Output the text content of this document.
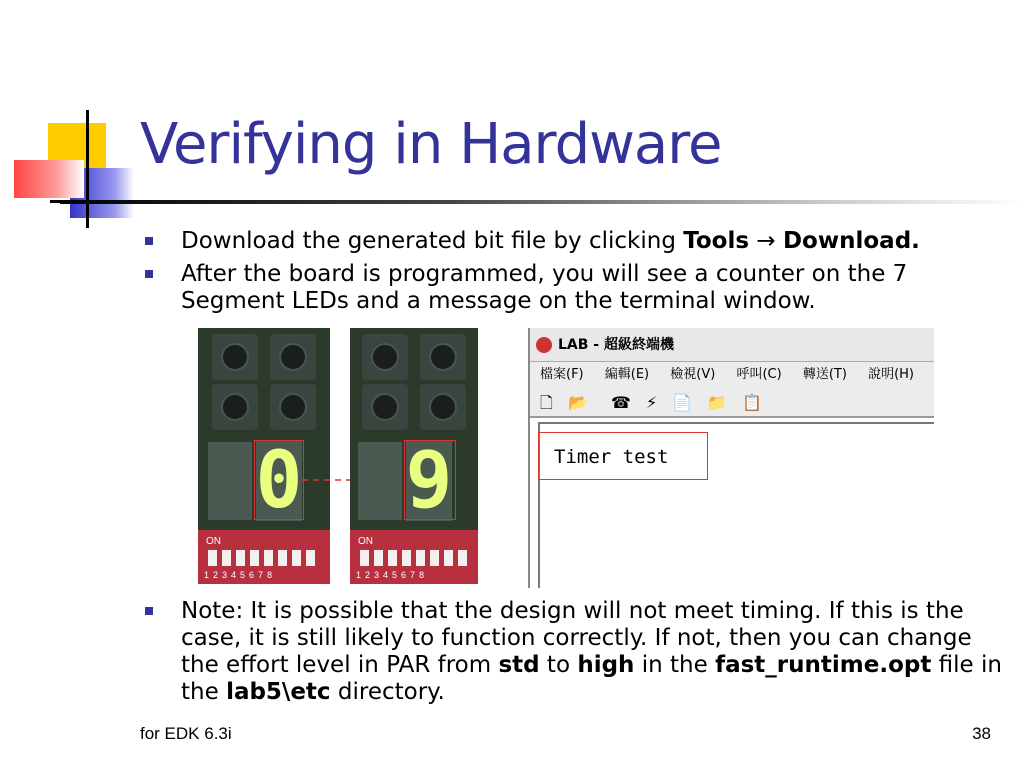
Verifying in Hardware
Download the generated bit file by clicking Tools → Download.
After the board is programmed, you will see a counter on the 7 Segment LEDs and a message on the terminal window.
0
ON
12345678
9
ON
12345678
LAB - 超級終端機
檔案(F) 編輯(E) 檢視(V) 呼叫(C) 轉送(T) 說明(H)
🗋 📂 ☎ ⚡ 📄 📁 📋
Timer test
Note: It is possible that the design will not meet timing. If this is the case, it is still likely to function correctly. If not, then you can change the effort level in PAR from std to high in the fast_runtime.opt file in the lab5\etc directory.
for EDK 6.3i	38
